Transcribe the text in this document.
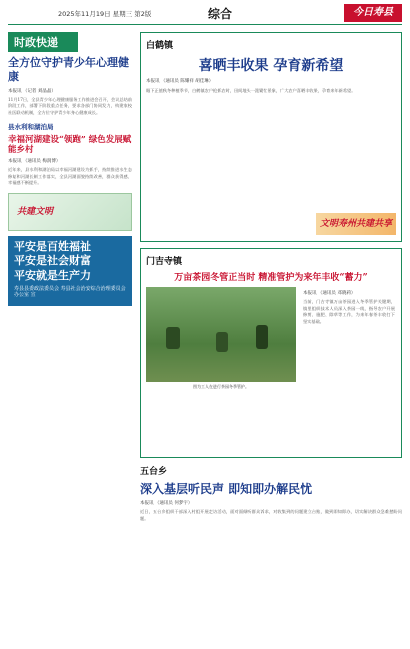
2025年11月19日 星期三 第2版	综合	今日寿县
时政快递
全方位守护青少年心理健康
本报讯 （记者 刘晶晶）
11月17日，全县青少年心理健康服务工作推进会召开，会议总结前阶段工作，部署下阶段重点任务，要求各部门协同发力，构建家校社医联动机制，全方位守护青少年身心健康成长。
县水利和湖泊局
幸福河湖建设“领跑” 绿色发展赋能乡村
本报讯 （通讯员 梅润博）
近年来，县水利和湖泊局以幸福河湖建设为抓手，持续推进水生态修复和河湖长制工作落实，全县河湖面貌持续改善，群众获得感、幸福感不断提升。
共建文明
平安是百姓福祉
平安是社会财富
平安就是生产力
寿县县委政法委员会 寿县社会治安综合治理委员会办公室 宣
白鹤镇
喜晒丰收果 孕育新希望
本报讯 （通讯员 陈耀祥 胡佳琳）
眼下正值秋冬种植季节，白鹤镇农户抢抓农时，田间地头一派繁忙景象，广大农户喜晒丰收果，孕育来年新希望。
文明寿州共建共享
门吉寺镇
万亩茶园冬管正当时 精准管护为来年丰收“蓄力”
图为工人在进行茶园冬季管护。
本报讯 （通讯员 邓晓莉）
当前，门吉寺镇万亩茶园进入冬季管护关键期，镇里组织技术人员深入茶园一线，指导农户开展修剪、施肥、除草等工作，为来年春茶丰收打下坚实基础。
五台乡
深入基层听民声 即知即办解民忧
本报讯 （通讯员 何梦宇）
近日，五台乡组织干部深入村组开展走访活动，面对面倾听群众诉求，对收集到的问题建立台账，做到即知即办，切实解决群众急难愁盼问题。
